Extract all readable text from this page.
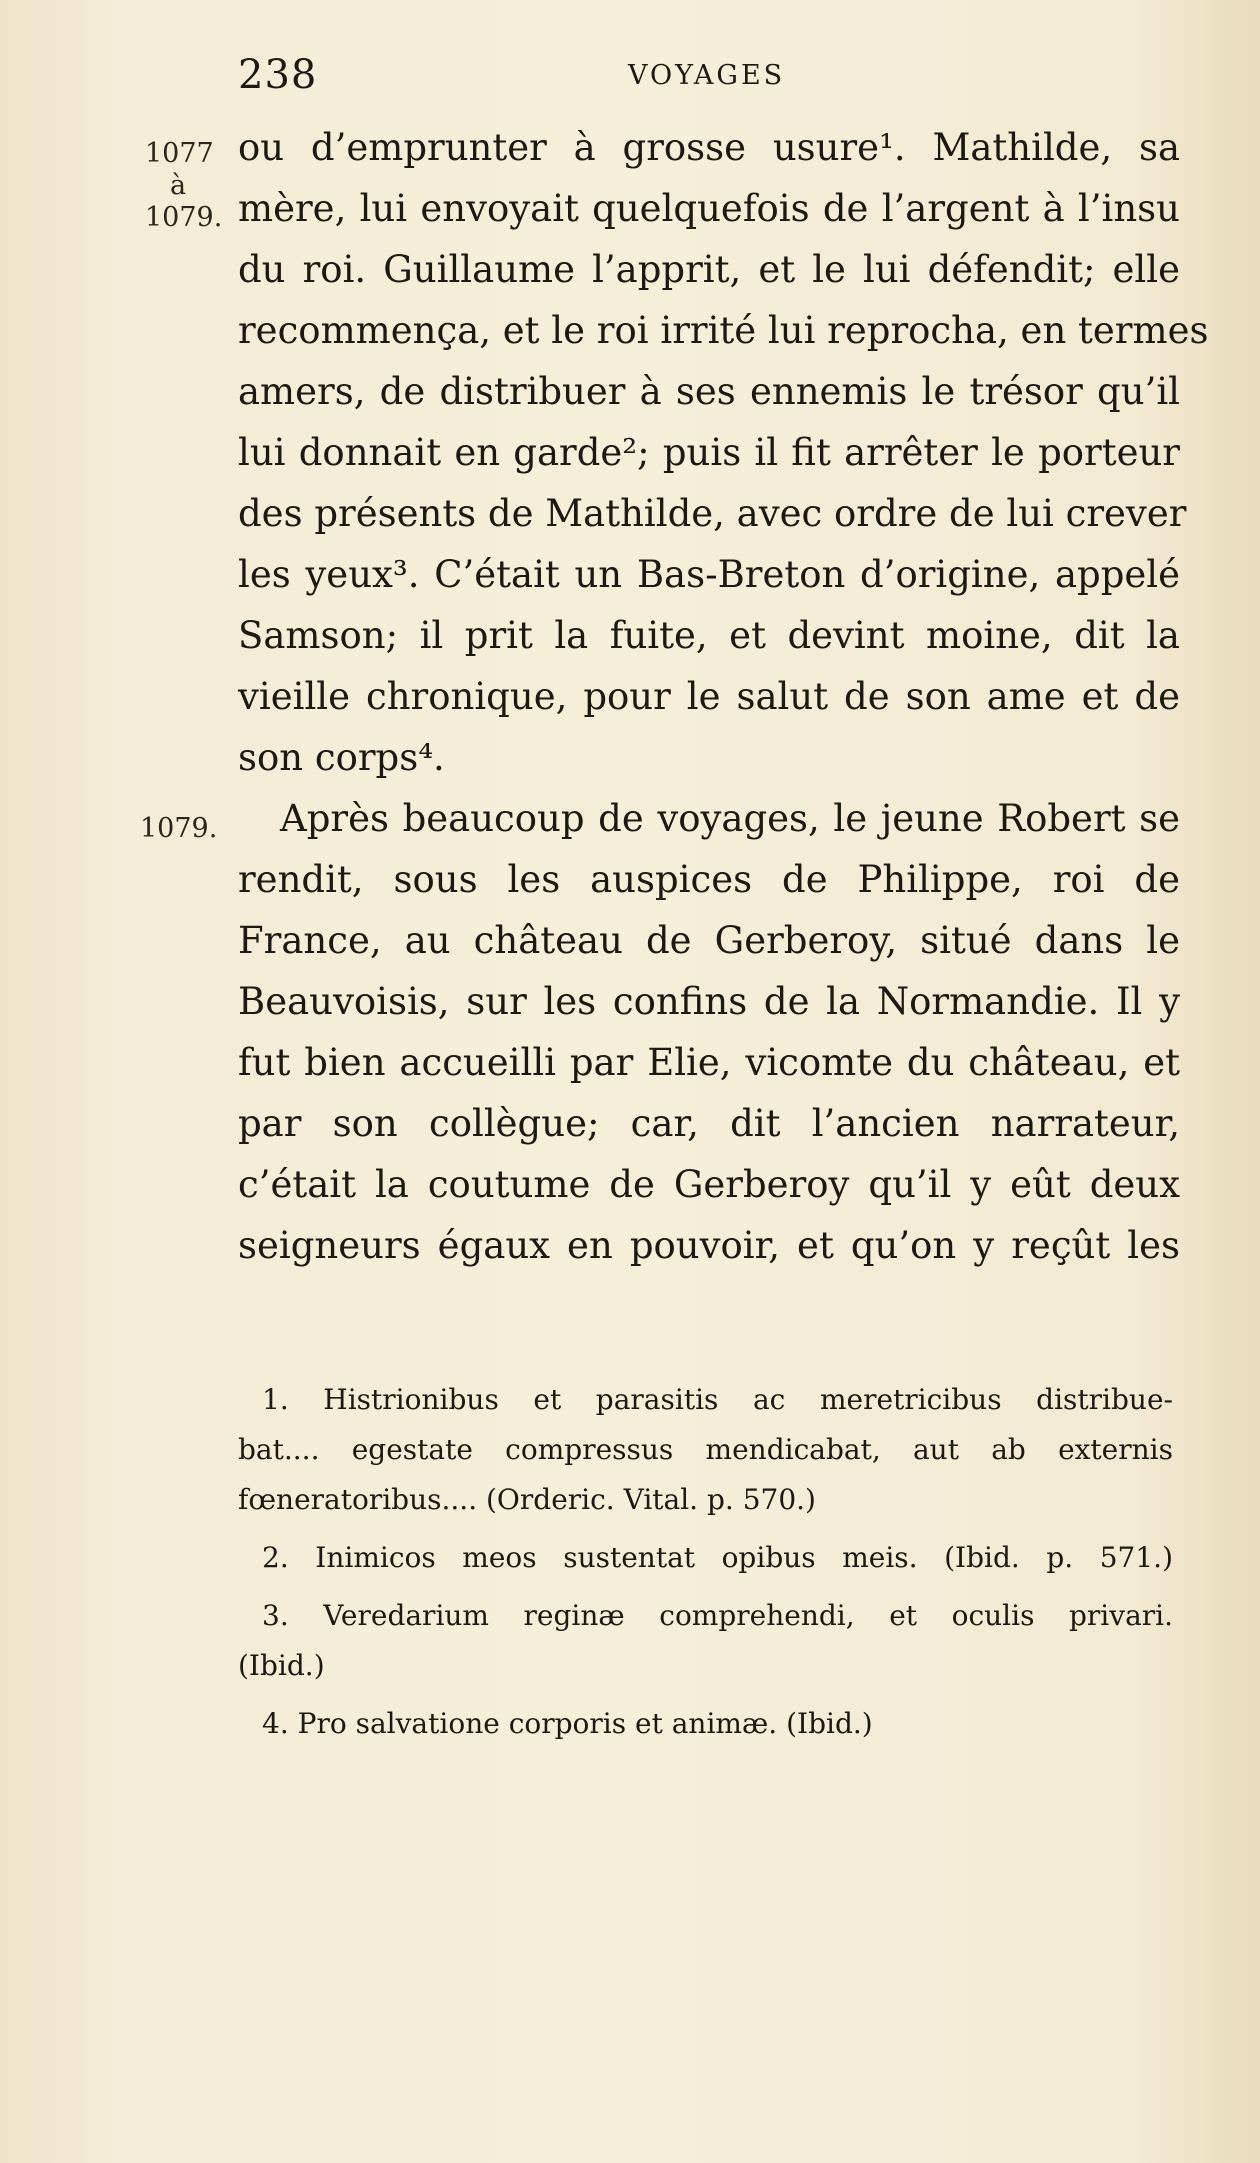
238	VOYAGES
1077
à
1079.
1079.
ou d’emprunter à grosse usure¹. Mathilde, sa
mère, lui envoyait quelquefois de l’argent à l’insu
du roi. Guillaume l’apprit, et le lui défendit; elle
recommença, et le roi irrité lui reprocha, en termes
amers, de distribuer à ses ennemis le trésor qu’il
lui donnait en garde²; puis il fit arrêter le porteur
des présents de Mathilde, avec ordre de lui crever
les yeux³. C’était un Bas-Breton d’origine, appelé
Samson; il prit la fuite, et devint moine, dit la
vieille chronique, pour le salut de son ame et de
son corps⁴.
Après beaucoup de voyages, le jeune Robert se
rendit, sous les auspices de Philippe, roi de
France, au château de Gerberoy, situé dans le
Beauvoisis, sur les confins de la Normandie. Il y
fut bien accueilli par Elie, vicomte du château, et
par son collègue; car, dit l’ancien narrateur,
c’était la coutume de Gerberoy qu’il y eût deux
seigneurs égaux en pouvoir, et qu’on y reçût les
1. Histrionibus et parasitis ac meretricibus distribue-
bat.... egestate compressus mendicabat, aut ab externis
fœneratoribus.... (Orderic. Vital. p. 570.)
2. Inimicos meos sustentat opibus meis. (Ibid. p. 571.)
3. Veredarium reginæ comprehendi, et oculis privari.
(Ibid.)
4. Pro salvatione corporis et animæ. (Ibid.)
